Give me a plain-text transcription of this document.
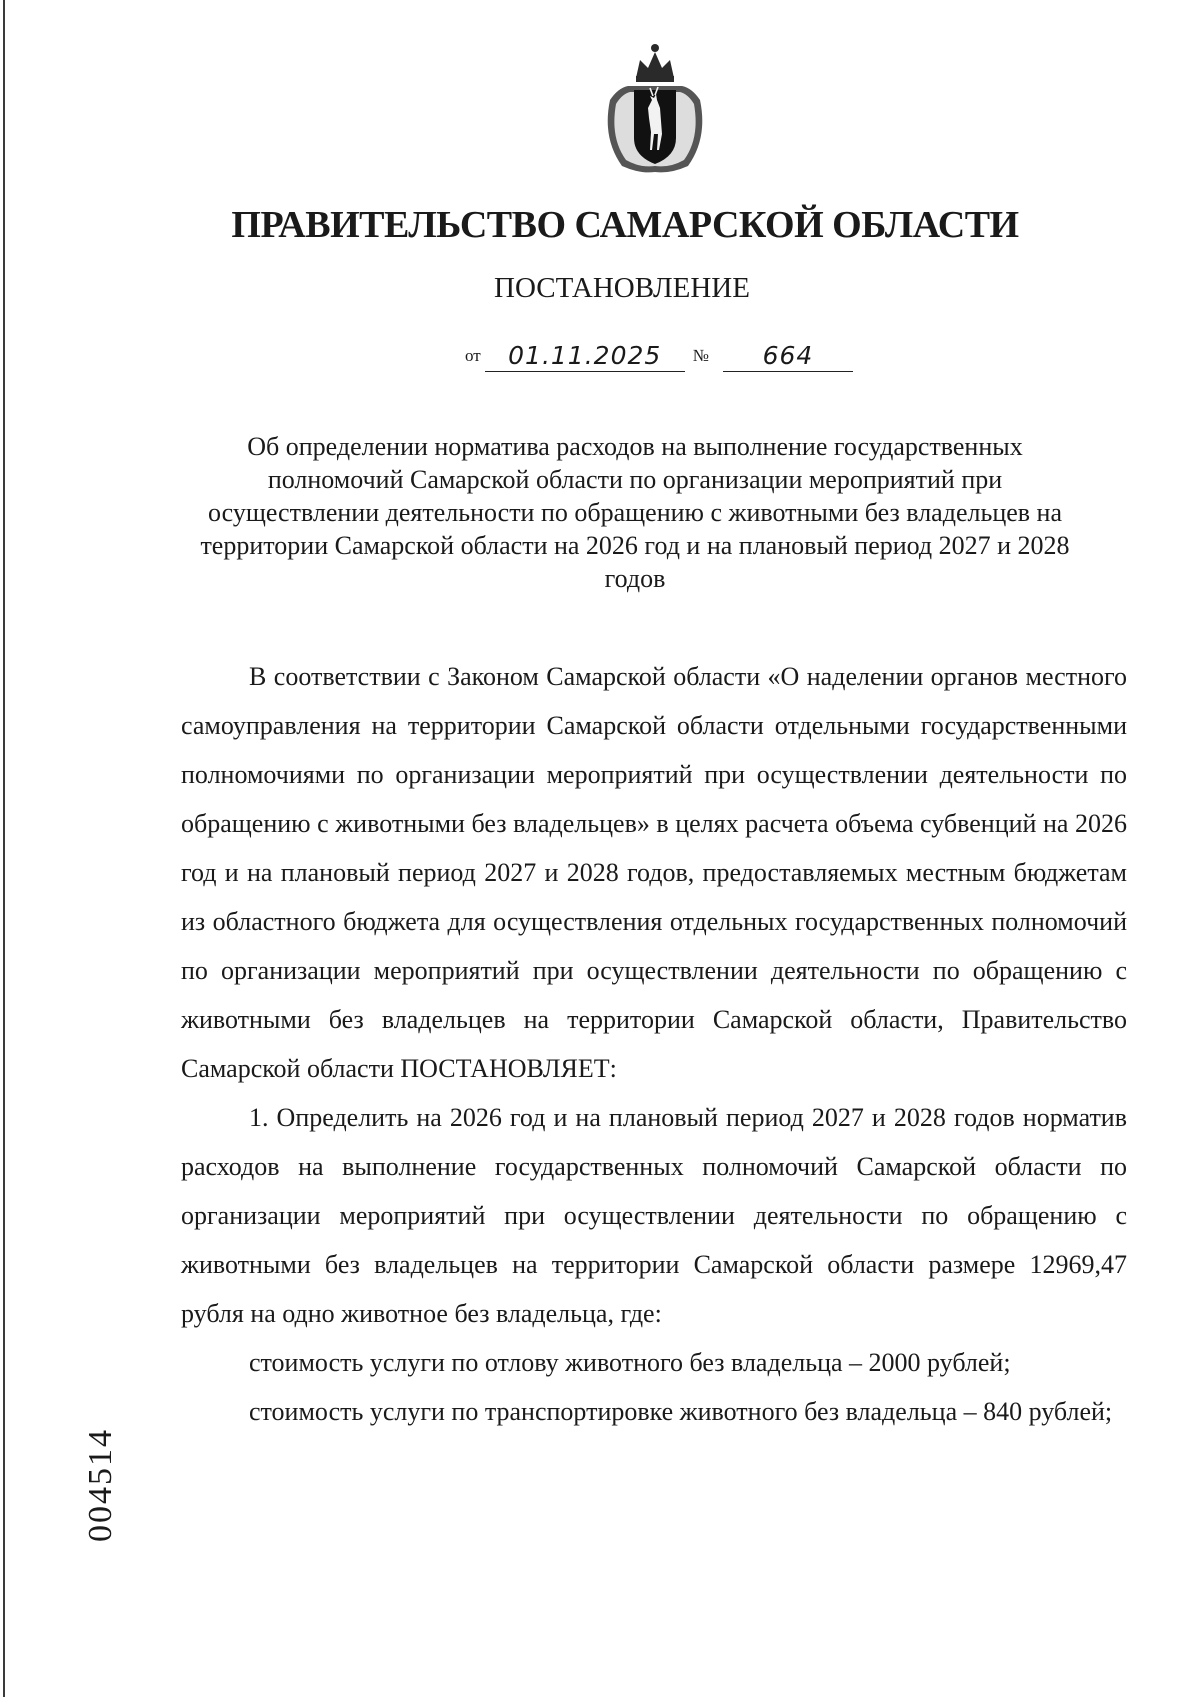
ПРАВИТЕЛЬСТВО САМАРСКОЙ ОБЛАСТИ
ПОСТАНОВЛЕНИЕ
от	01.11.2025	№	664
Об определении норматива расходов на выполнение государственных полномочий Самарской области по организации мероприятий при осуществлении деятельности по обращению с животными без владельцев на территории Самарской области на 2026 год и на плановый период 2027 и 2028 годов

В соответствии с Законом Самарской области «О наделении органов местного самоуправления на территории Самарской области отдельными государственными полномочиями по организации мероприятий при осуществлении деятельности по обращению с животными без владельцев» в целях расчета объема субвенций на 2026 год и на плановый период 2027 и 2028 годов, предоставляемых местным бюджетам из областного бюджета для осуществления отдельных государственных полномочий по организации мероприятий при осуществлении деятельности по обращению с животными без владельцев на территории Самарской области, Правительство Самарской области ПОСТАНОВЛЯЕТ:

1. Определить на 2026 год и на плановый период 2027 и 2028 годов норматив расходов на выполнение государственных полномочий Самарской области по организации мероприятий при осуществлении деятельности по обращению с животными без владельцев на территории Самарской области размере 12969,47 рубля на одно животное без владельца, где:

стоимость услуги по отлову животного без владельца – 2000 рублей;

стоимость услуги по транспортировке животного без владельца – 840 рублей;

004514
